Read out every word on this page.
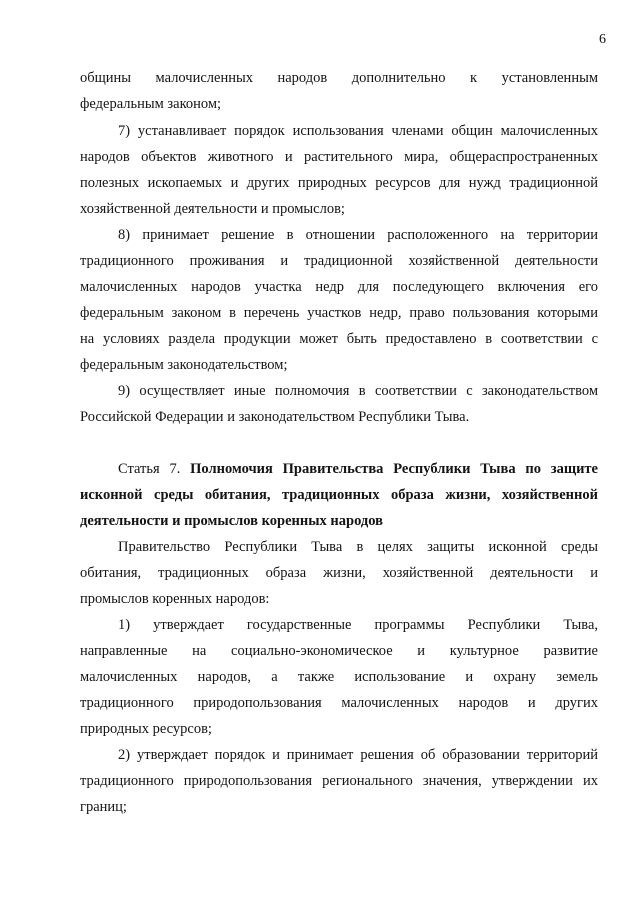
6
общины малочисленных народов дополнительно к установленным
федеральным законом;
7) устанавливает порядок использования членами общин малочисленных
народов объектов животного и растительного мира, общераспространенных
полезных ископаемых и других природных ресурсов для нужд традиционной
хозяйственной деятельности и промыслов;
8) принимает решение в отношении расположенного на территории
традиционного проживания и традиционной хозяйственной деятельности
малочисленных народов участка недр для последующего включения его
федеральным законом в перечень участков недр, право пользования которыми
на условиях раздела продукции может быть предоставлено в соответствии с
федеральным законодательством;
9) осуществляет иные полномочия в соответствии с законодательством
Российской Федерации и законодательством Республики Тыва.
Статья 7. Полномочия Правительства Республики Тыва по защите
исконной среды обитания, традиционных образа жизни, хозяйственной
деятельности и промыслов коренных народов
Правительство Республики Тыва в целях защиты исконной среды
обитания, традиционных образа жизни, хозяйственной деятельности и
промыслов коренных народов:
1) утверждает государственные программы Республики Тыва,
направленные на социально-экономическое и культурное развитие
малочисленных народов, а также использование и охрану земель
традиционного природопользования малочисленных народов и других
природных ресурсов;
2) утверждает порядок и принимает решения об образовании территорий
традиционного природопользования регионального значения, утверждении их
границ;
